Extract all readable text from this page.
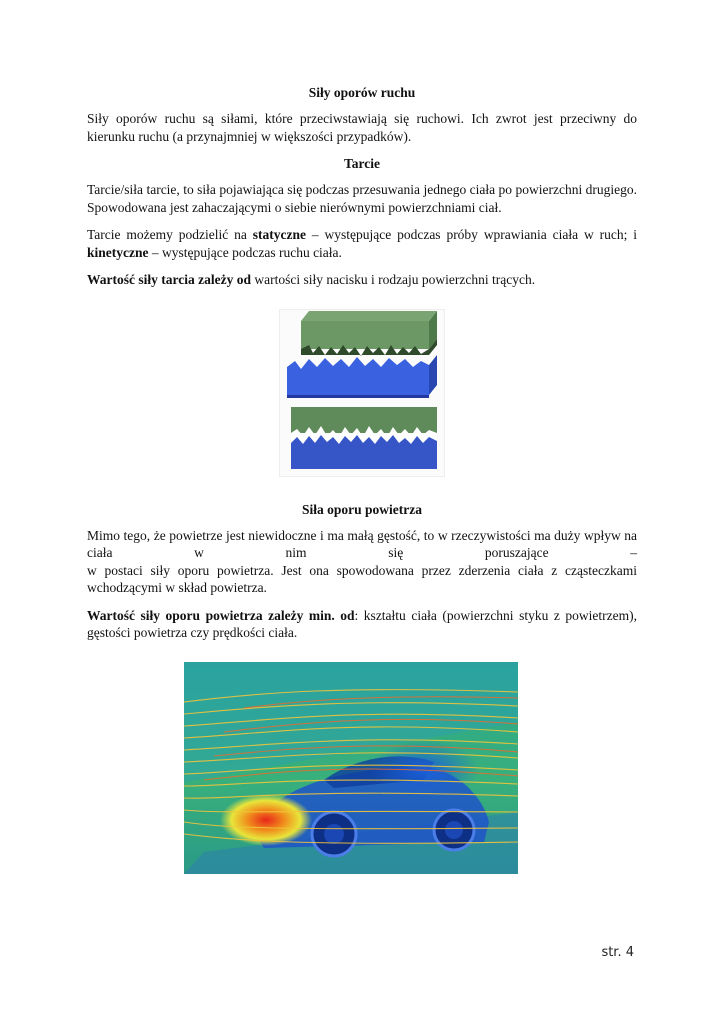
Siły oporów ruchu

Siły oporów ruchu są siłami, które przeciwstawiają się ruchowi. Ich zwrot jest przeciwny do kierunku ruchu (a przynajmniej w większości przypadków).

Tarcie

Tarcie/siła tarcie, to siła pojawiająca się podczas przesuwania jednego ciała po powierzchni drugiego. Spowodowana jest zahaczającymi o siebie nierównymi powierzchniami ciał.

Tarcie możemy podzielić na statyczne – występujące podczas próby wprawiania ciała w ruch; i kinetyczne – występujące podczas ruchu ciała.

Wartość siły tarcia zależy od wartości siły nacisku i rodzaju powierzchni trących.

Siła oporu powietrza

Mimo tego, że powietrze jest niewidoczne i ma małą gęstość, to w rzeczywistości ma duży wpływ na ciała w nim się poruszające –

w postaci siły oporu powietrza. Jest ona spowodowana przez zderzenia ciała z cząsteczkami wchodzącymi w skład powietrza.

Wartość siły oporu powietrza zależy min. od: kształtu ciała (powierzchni styku z powietrzem), gęstości powietrza czy prędkości ciała.

str. 4
